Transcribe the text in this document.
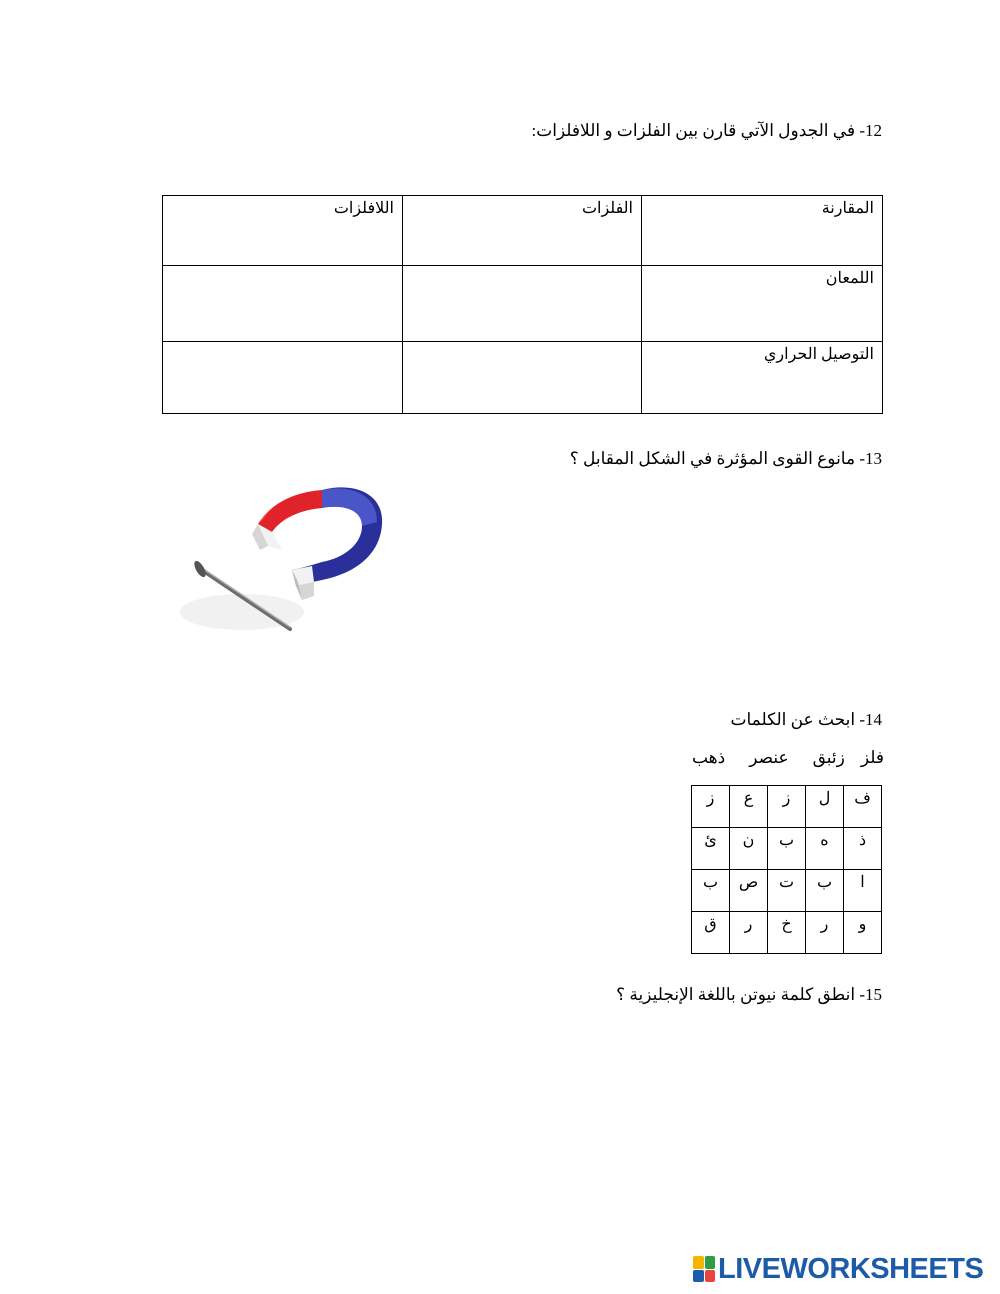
12- في الجدول الآتي قارن بين الفلزات و اللافلزات:
المقارنة	الفلزات	اللافلزات
اللمعان		
التوصيل الحراري		
13- مانوع القوى المؤثرة في الشكل المقابل ؟
14- ابحث عن الكلمات
فلز
زئبق
عنصر
ذهب
ف	ل	ز	ع	ز
ذ	ه	ب	ن	ئ
ا	ب	ت	ص	ب
و	ر	خ	ر	ق
15- انطق كلمة نيوتن باللغة الإنجليزية ؟
LIVEWORKSHEETS
